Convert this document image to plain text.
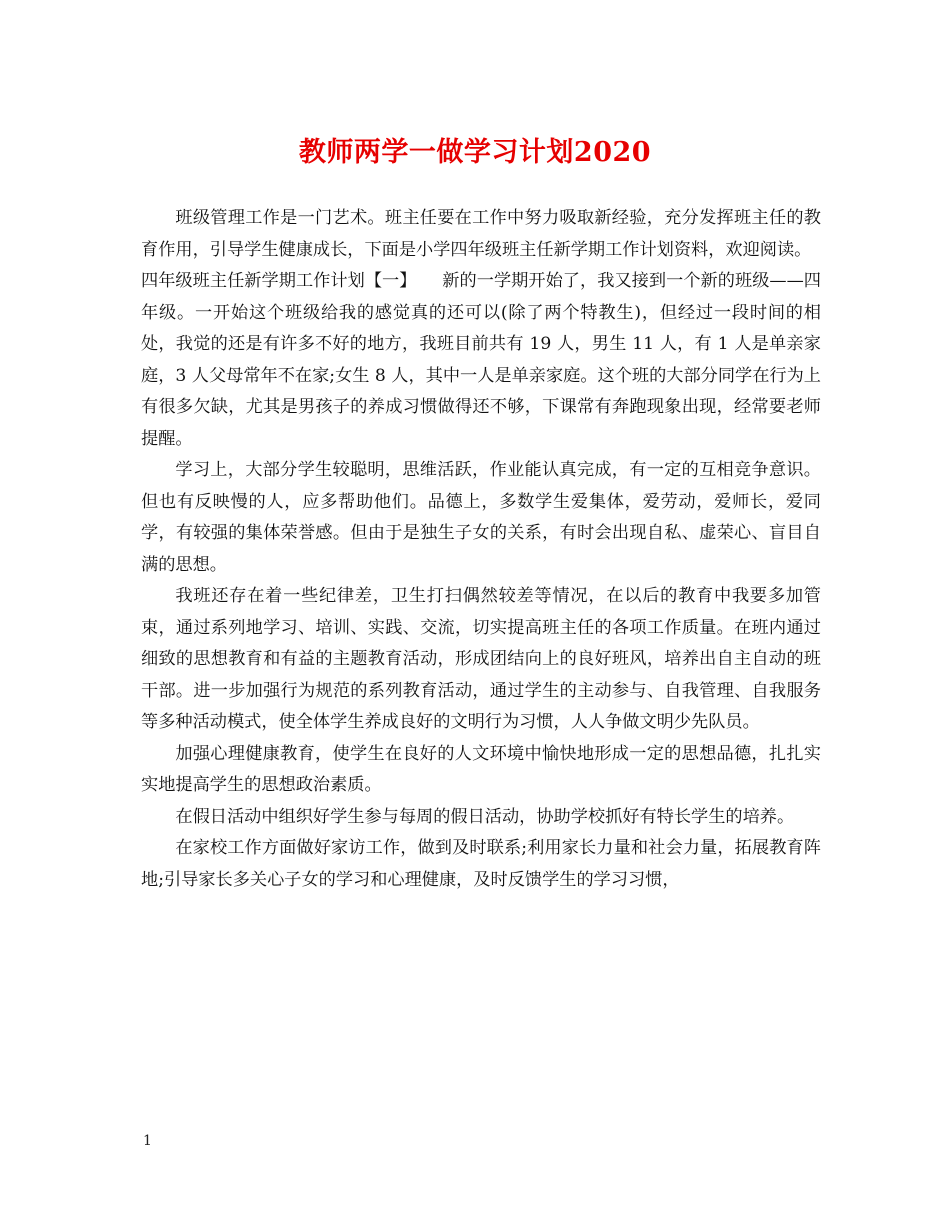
教师两学一做学习计划2020

班级管理工作是一门艺术。班主任要在工作中努力吸取新经验，充分发挥班主任的教育作用，引导学生健康成长，下面是小学四年级班主任新学期工作计划资料，欢迎阅读。

四年级班主任新学期工作计划【一】　　新的一学期开始了，我又接到一个新的班级——四年级。一开始这个班级给我的感觉真的还可以(除了两个特教生)，但经过一段时间的相处，我觉的还是有许多不好的地方，我班目前共有 19 人，男生 11 人，有 1 人是单亲家庭，3 人父母常年不在家;女生 8 人，其中一人是单亲家庭。这个班的大部分同学在行为上有很多欠缺，尤其是男孩子的养成习惯做得还不够，下课常有奔跑现象出现，经常要老师提醒。

学习上，大部分学生较聪明，思维活跃，作业能认真完成，有一定的互相竞争意识。但也有反映慢的人，应多帮助他们。品德上，多数学生爱集体，爱劳动，爱师长，爱同学，有较强的集体荣誉感。但由于是独生子女的关系，有时会出现自私、虚荣心、盲目自满的思想。

我班还存在着一些纪律差，卫生打扫偶然较差等情况，在以后的教育中我要多加管束，通过系列地学习、培训、实践、交流，切实提高班主任的各项工作质量。在班内通过细致的思想教育和有益的主题教育活动，形成团结向上的良好班风，培养出自主自动的班干部。进一步加强行为规范的系列教育活动，通过学生的主动参与、自我管理、自我服务等多种活动模式，使全体学生养成良好的文明行为习惯，人人争做文明少先队员。

加强心理健康教育，使学生在良好的人文环境中愉快地形成一定的思想品德，扎扎实实地提高学生的思想政治素质。

在假日活动中组织好学生参与每周的假日活动，协助学校抓好有特长学生的培养。

在家校工作方面做好家访工作，做到及时联系;利用家长力量和社会力量，拓展教育阵地;引导家长多关心子女的学习和心理健康，及时反馈学生的学习习惯，

1
